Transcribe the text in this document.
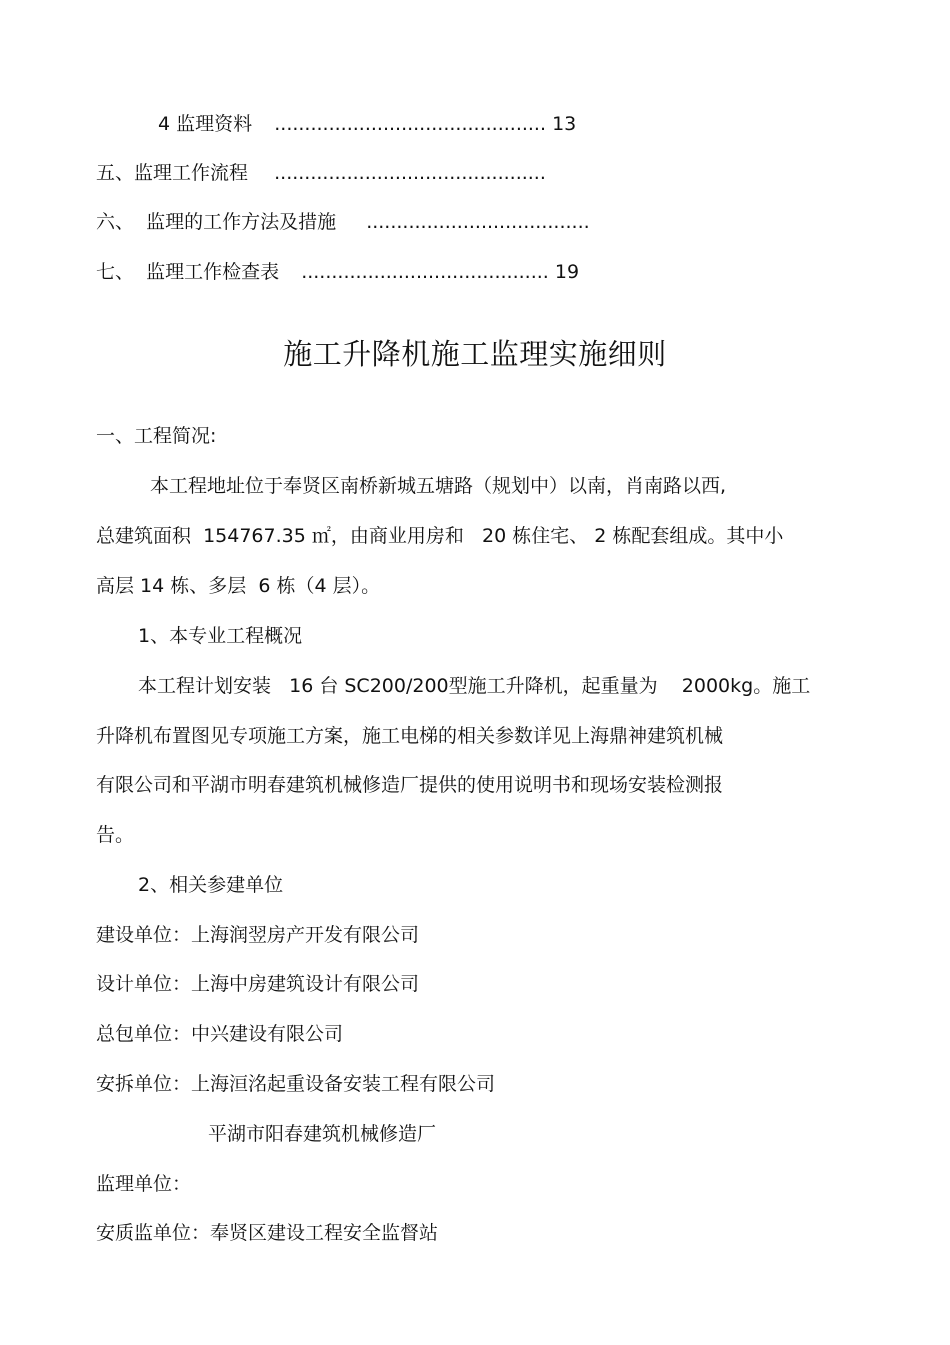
4 监理资料 ............................................. 13
五、监理工作流程 .............................................
六、  监理的工作方法及措施 .....................................
七、  监理工作检查表 ......................................... 19
施工升降机施工监理实施细则
一、工程简况:
本工程地址位于奉贤区南桥新城五塘路（规划中）以南，肖南路以西,
总建筑面积  154767.35 ㎡，由商业用房和   20 栋住宅、 2 栋配套组成。其中小
高层 14 栋、多层  6 栋（4 层）。
1、本专业工程概况
本工程计划安装   16 台 SC200/200型施工升降机，起重量为    2000kg。施工
升降机布置图见专项施工方案，施工电梯的相关参数详见上海鼎神建筑机械
有限公司和平湖市明春建筑机械修造厂提供的使用说明书和现场安装检测报
告。
2、相关参建单位
建设单位：上海润翌房产开发有限公司
设计单位：上海中房建筑设计有限公司
总包单位：中兴建设有限公司
安拆单位：上海洹洺起重设备安装工程有限公司
平湖市阳春建筑机械修造厂
监理单位：
安质监单位：奉贤区建设工程安全监督站
